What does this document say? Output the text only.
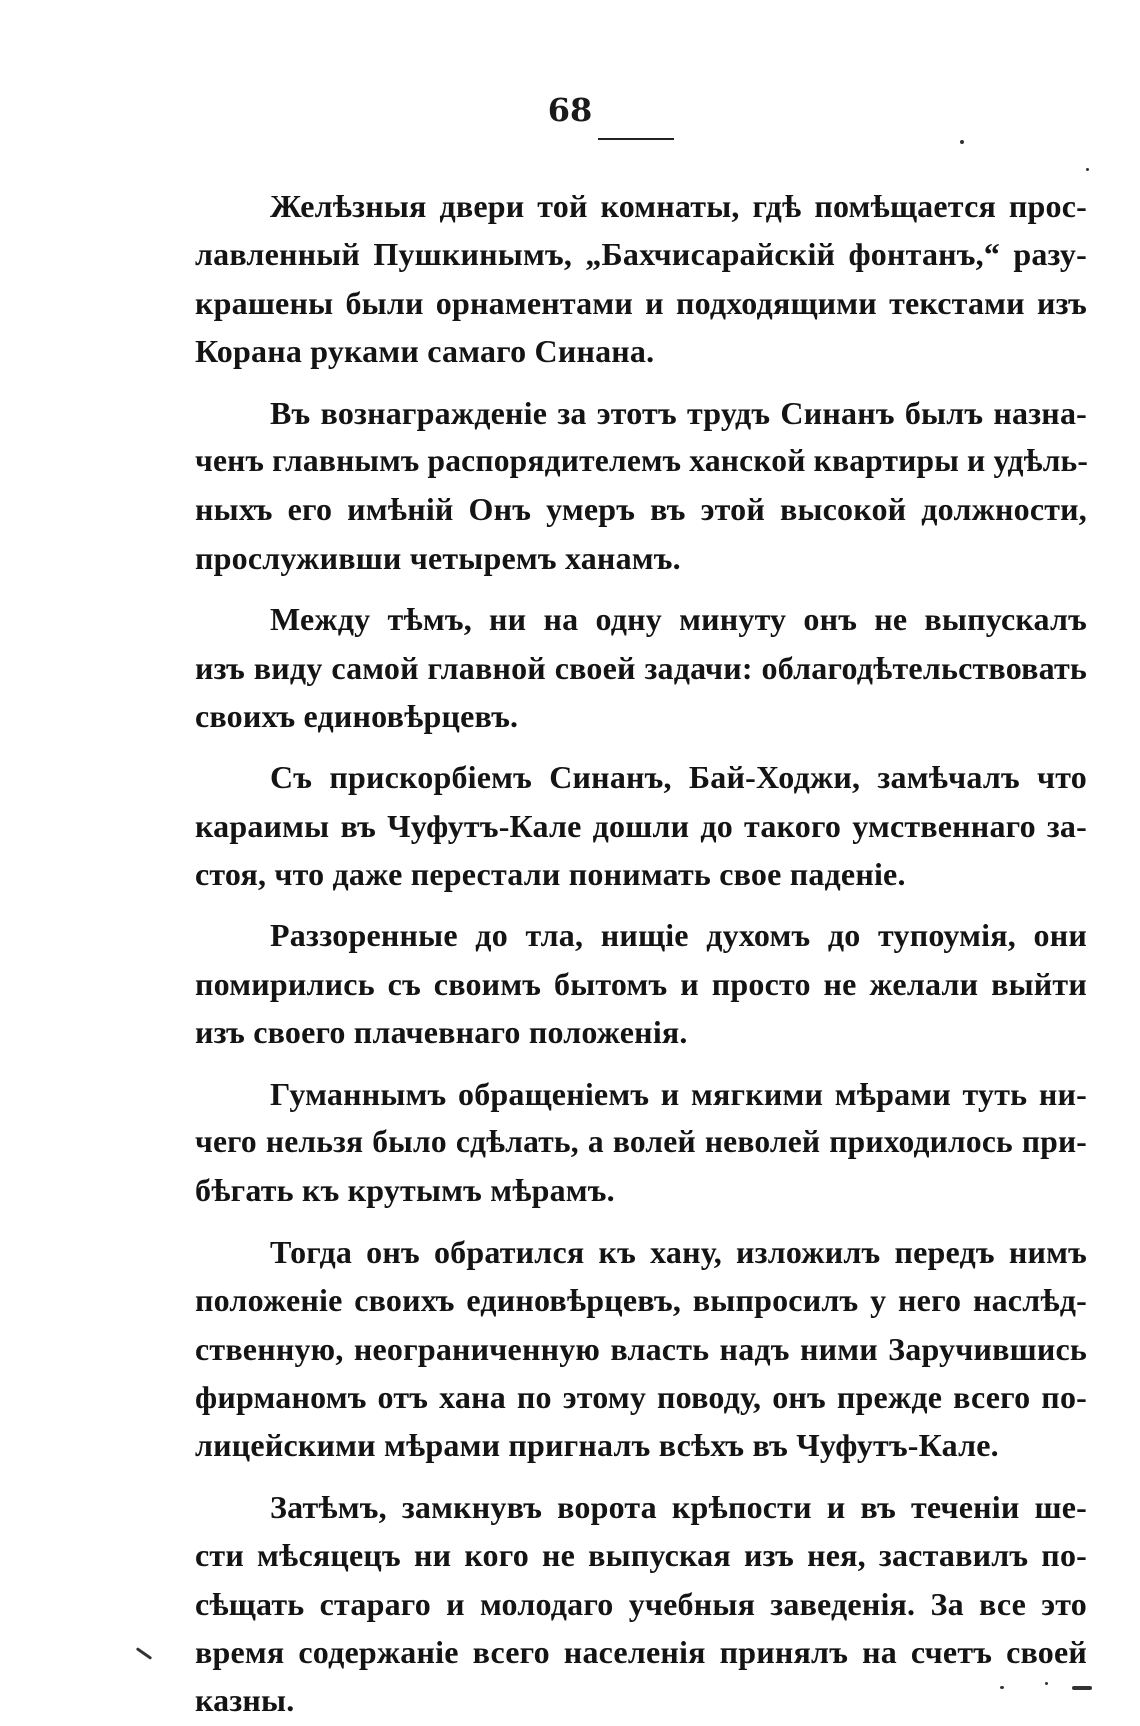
68
Желѣзныя двери той комнаты, гдѣ помѣщается прос-
лавленный Пушкинымъ, „Бахчисарайскій фонтанъ,“ разу-
крашены были орнаментами и подходящими текстами изъ
Корана руками самаго Синана.
Въ вознагражденіе за этотъ трудъ Синанъ былъ назна-
ченъ главнымъ распорядителемъ ханской квартиры и удѣль-
ныхъ его имѣній Онъ умеръ въ этой высокой должности,
прослуживши четыремъ ханамъ.
Между тѣмъ, ни на одну минуту онъ не выпускалъ
изъ виду самой главной своей задачи: облагодѣтельствовать
своихъ единовѣрцевъ.
Съ прискорбіемъ Синанъ, Бай-Ходжи, замѣчалъ что
караимы въ Чуфутъ-Кале дошли до такого умственнаго за-
стоя, что даже перестали понимать свое паденіе.
Раззоренные до тла, нищіе духомъ до тупоумія, они
помирились съ своимъ бытомъ и просто не желали выйти
изъ своего плачевнаго положенія.
Гуманнымъ обращеніемъ и мягкими мѣрами туть ни-
чего нельзя было сдѣлать, а волей неволей приходилось при-
бѣгать къ крутымъ мѣрамъ.
Тогда онъ обратился къ хану, изложилъ передъ нимъ
положеніе своихъ единовѣрцевъ, выпросилъ у него наслѣд-
ственную, неограниченную власть надъ ними Заручившись
фирманомъ отъ хана по этому поводу, онъ прежде всего по-
лицейскими мѣрами пригналъ всѣхъ въ Чуфутъ-Кале.
Затѣмъ, замкнувъ ворота крѣпости и въ теченіи ше-
сти мѣсяцецъ ни кого не выпуская изъ нея, заставилъ по-
сѣщать стараго и молодаго учебныя заведенія. За все это
время содержаніе всего населенія принялъ на счетъ своей
казны.
